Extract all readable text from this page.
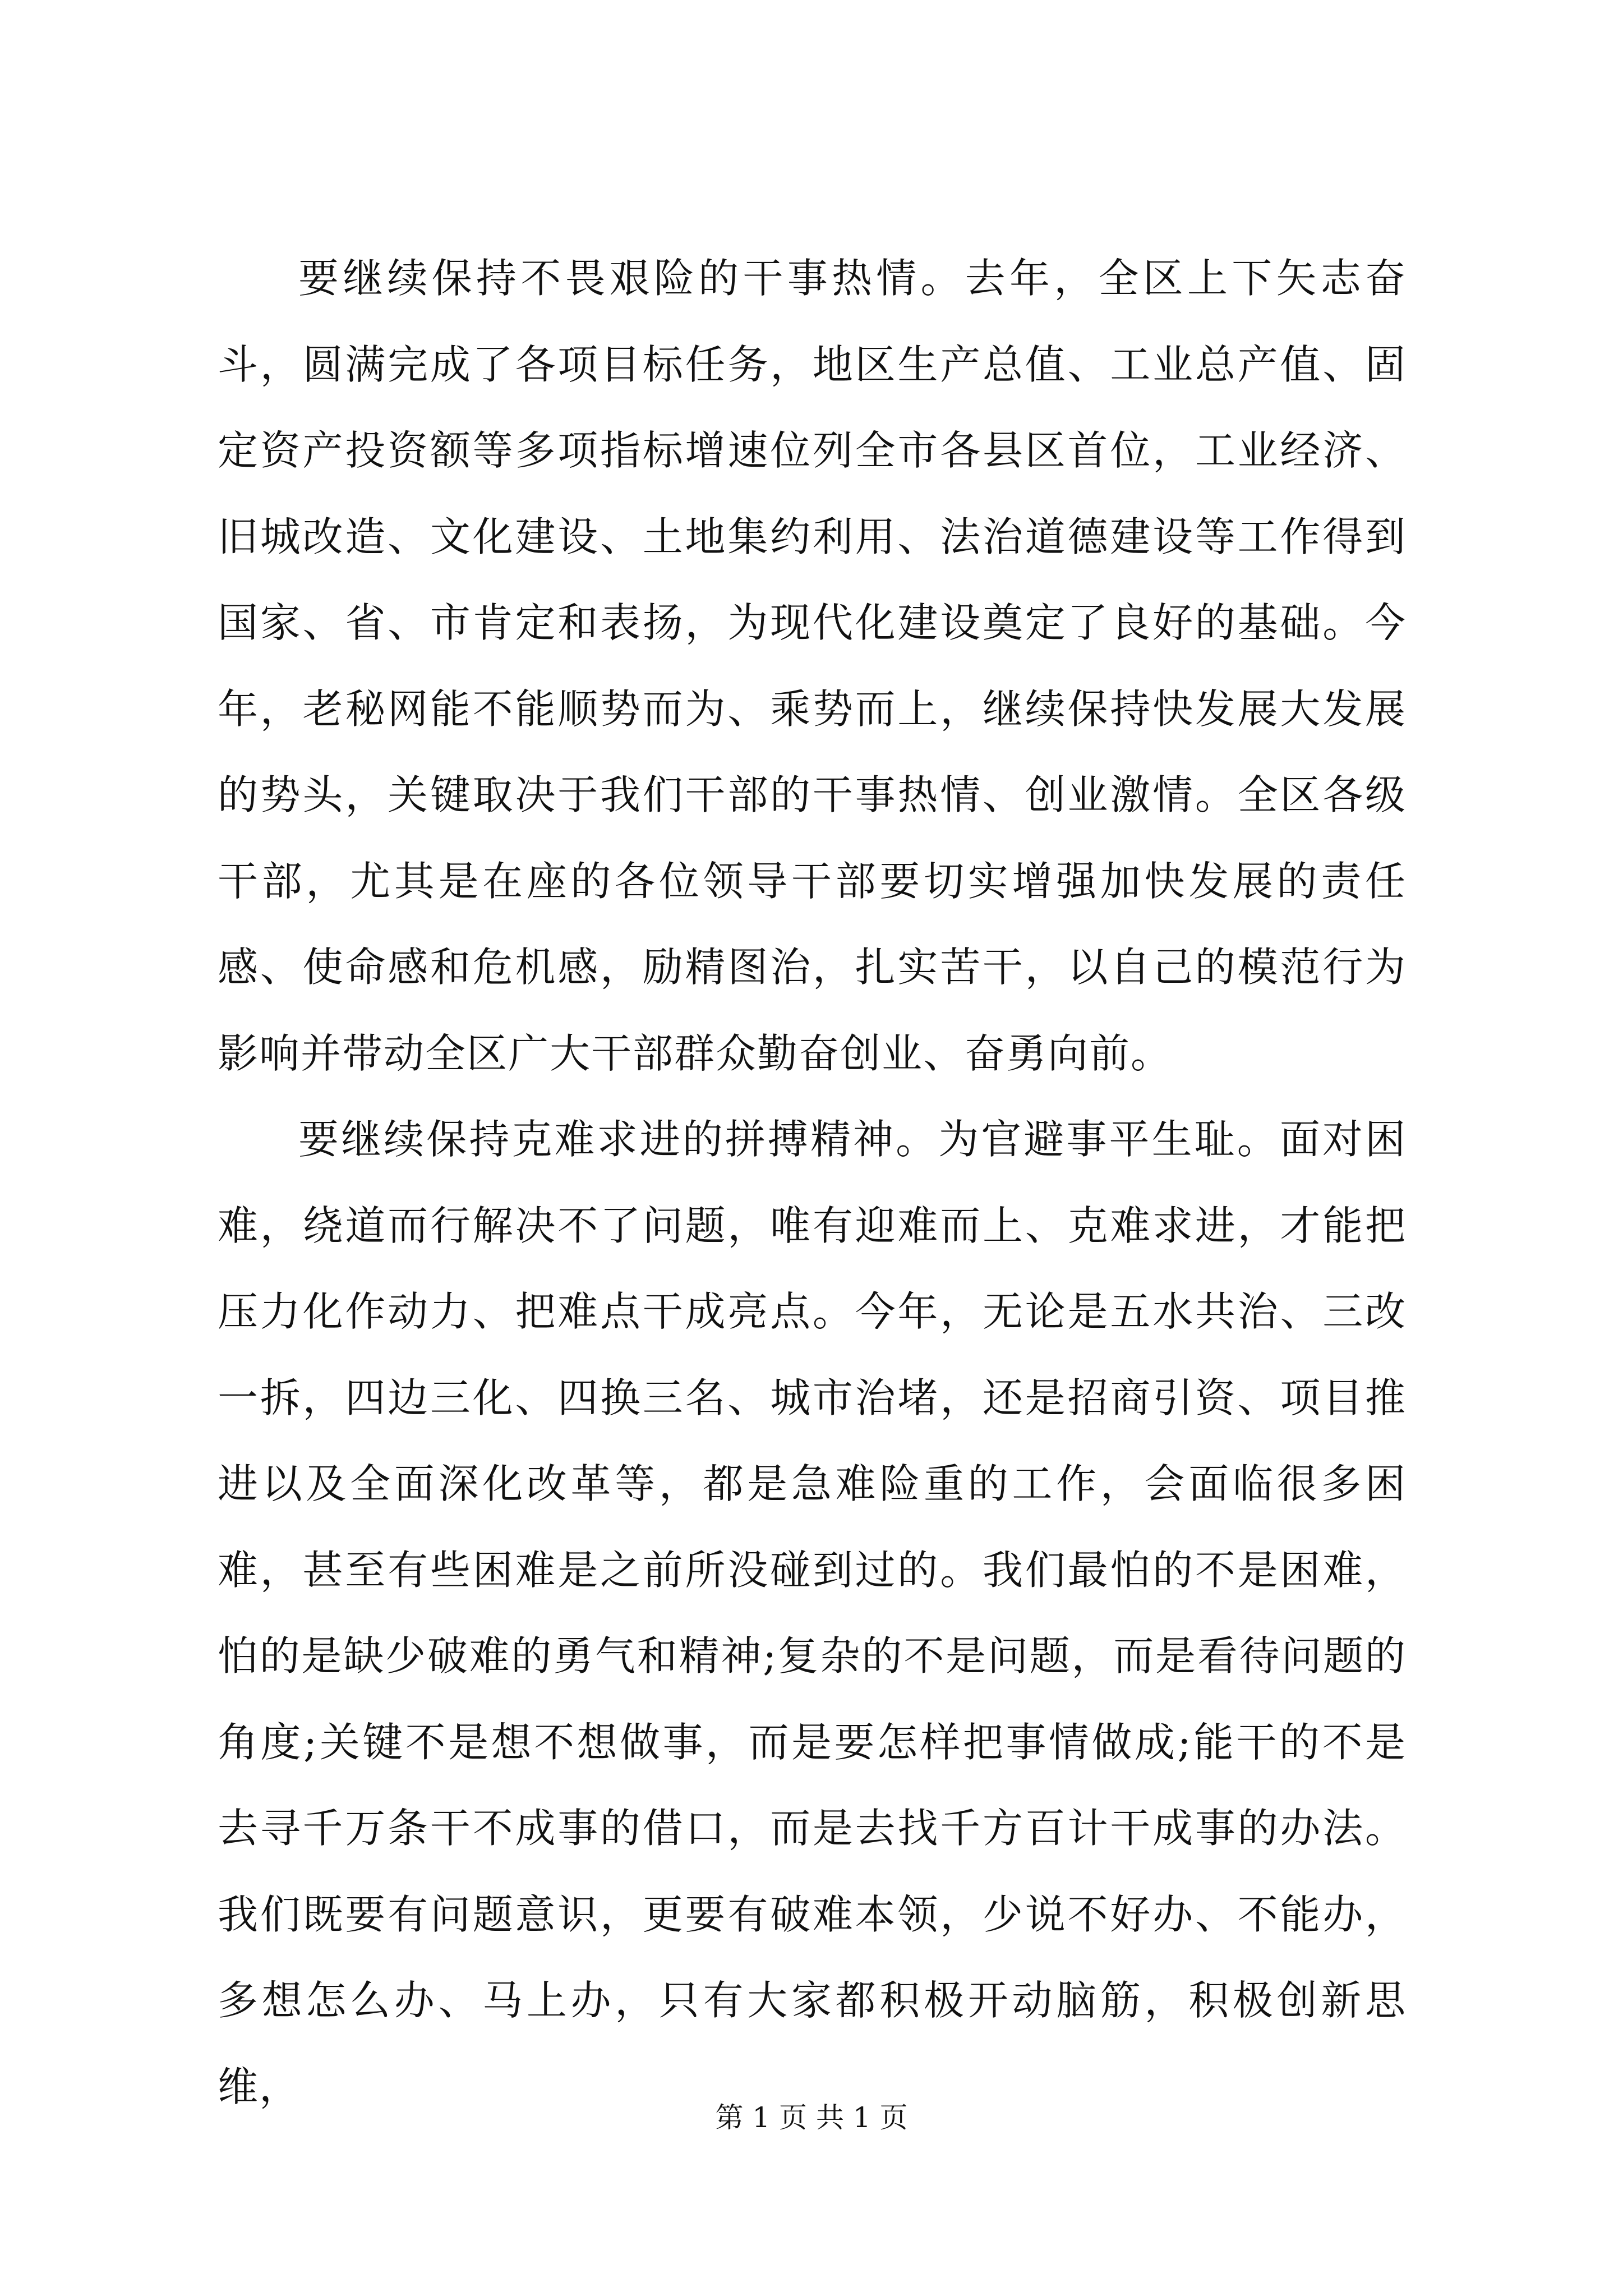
要继续保持不畏艰险的干事热情。去年，全区上下矢志奋斗，圆满完成了各项目标任务，地区生产总值、工业总产值、固定资产投资额等多项指标增速位列全市各县区首位，工业经济、旧城改造、文化建设、土地集约利用、法治道德建设等工作得到国家、省、市肯定和表扬，为现代化建设奠定了良好的基础。今年，老秘网能不能顺势而为、乘势而上，继续保持快发展大发展的势头，关键取决于我们干部的干事热情、创业激情。全区各级干部，尤其是在座的各位领导干部要切实增强加快发展的责任感、使命感和危机感，励精图治，扎实苦干，以自己的模范行为影响并带动全区广大干部群众勤奋创业、奋勇向前。

要继续保持克难求进的拼搏精神。为官避事平生耻。面对困难，绕道而行解决不了问题，唯有迎难而上、克难求进，才能把压力化作动力、把难点干成亮点。今年，无论是五水共治、三改一拆，四边三化、四换三名、城市治堵，还是招商引资、项目推进以及全面深化改革等，都是急难险重的工作，会面临很多困难，甚至有些困难是之前所没碰到过的。我们最怕的不是困难，怕的是缺少破难的勇气和精神;复杂的不是问题，而是看待问题的角度;关键不是想不想做事，而是要怎样把事情做成;能干的不是去寻千万条干不成事的借口，而是去找千方百计干成事的办法。我们既要有问题意识，更要有破难本领，少说不好办、不能办，多想怎么办、马上办，只有大家都积极开动脑筋，积极创新思维，

第 1 页 共 1 页
